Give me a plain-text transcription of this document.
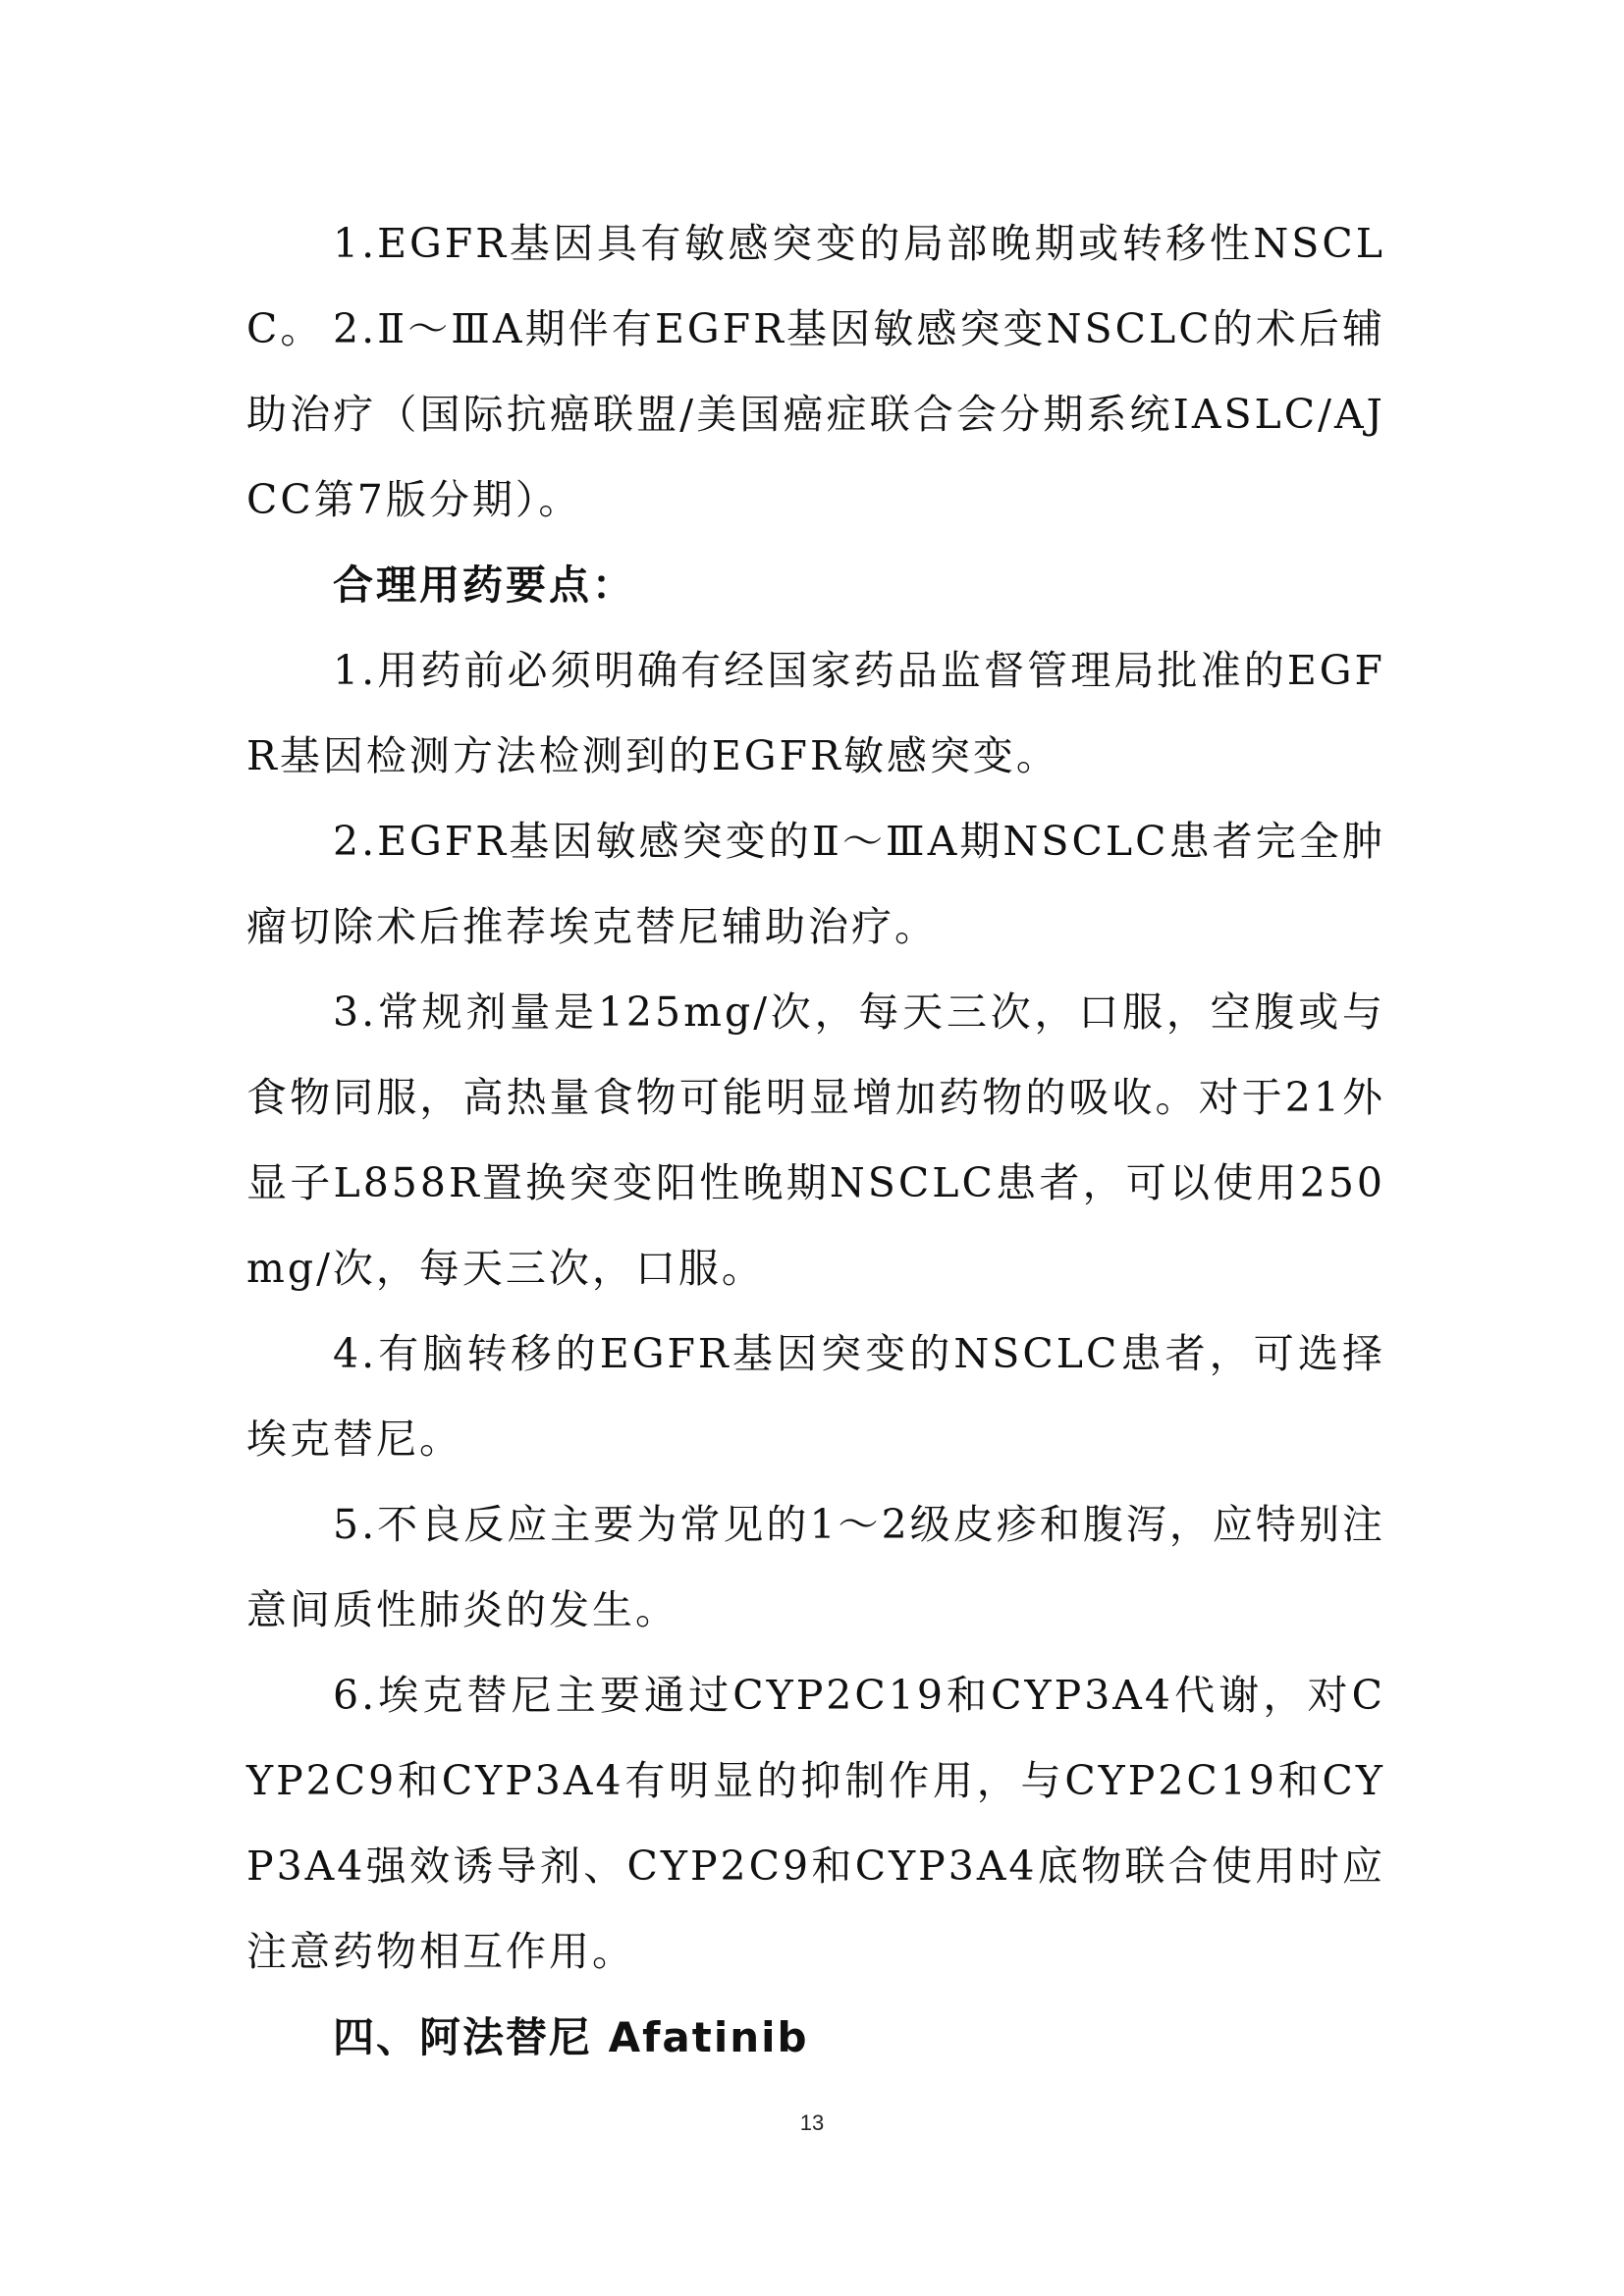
1.EGFR基因具有敏感突变的局部晚期或转移性NSCLC。 2.Ⅱ～ⅢA期伴有EGFR基因敏感突变NSCLC的术后辅助治疗（国际抗癌联盟/美国癌症联合会分期系统IASLC/AJCC第7版分期）。

合理用药要点：

1.用药前必须明确有经国家药品监督管理局批准的EGFR基因检测方法检测到的EGFR敏感突变。

2.EGFR基因敏感突变的Ⅱ～ⅢA期NSCLC患者完全肿瘤切除术后推荐埃克替尼辅助治疗。

3.常规剂量是125mg/次，每天三次，口服，空腹或与食物同服，高热量食物可能明显增加药物的吸收。对于21外显子L858R置换突变阳性晚期NSCLC患者，可以使用250mg/次，每天三次，口服。

4.有脑转移的EGFR基因突变的NSCLC患者，可选择埃克替尼。

5.不良反应主要为常见的1～2级皮疹和腹泻，应特别注意间质性肺炎的发生。

6.埃克替尼主要通过CYP2C19和CYP3A4代谢，对CYP2C9和CYP3A4有明显的抑制作用，与CYP2C19和CYP3A4强效诱导剂、CYP2C9和CYP3A4底物联合使用时应注意药物相互作用。

四、阿法替尼 Afatinib

13
